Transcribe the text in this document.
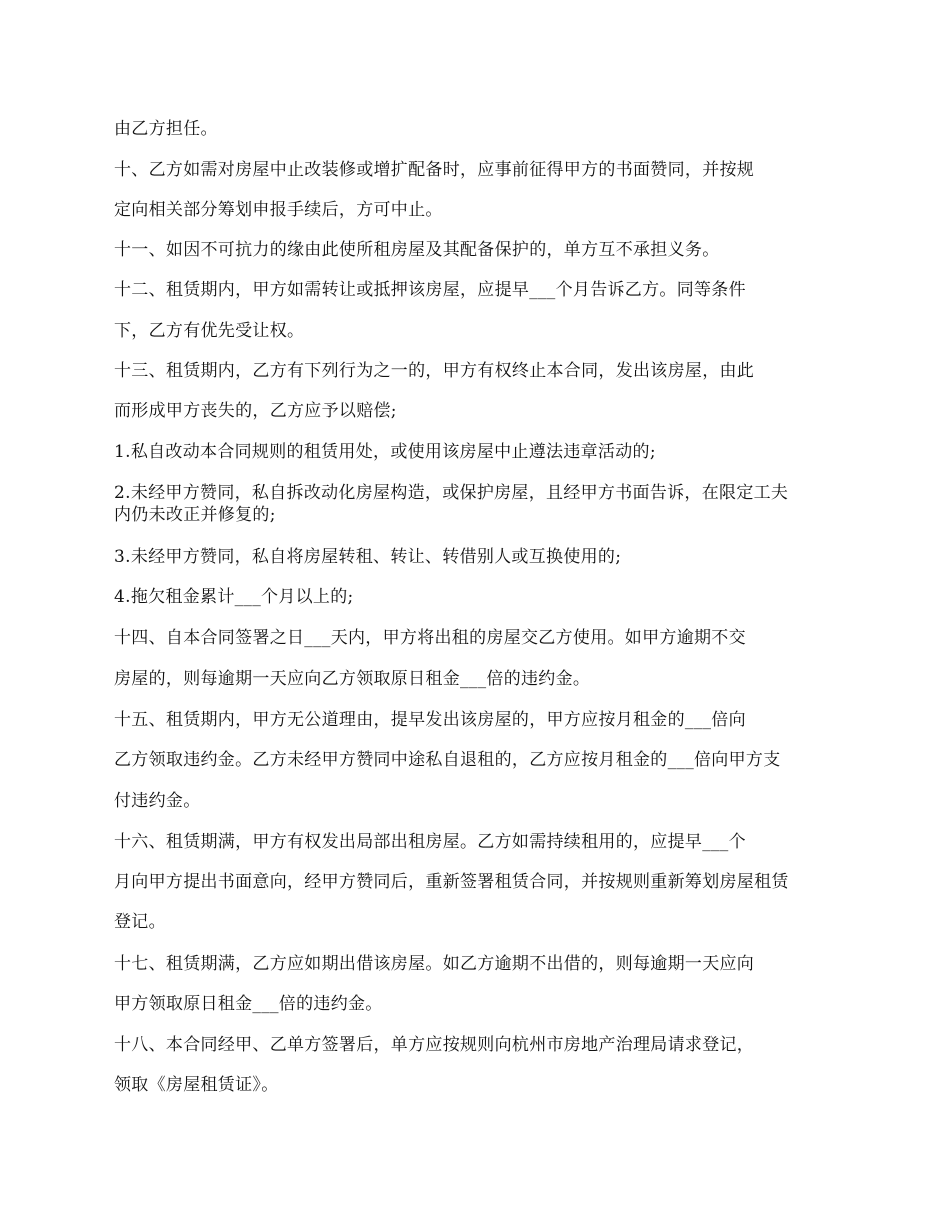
由乙方担任。
十、乙方如需对房屋中止改装修或增扩配备时，应事前征得甲方的书面赞同，并按规
定向相关部分筹划申报手续后，方可中止。
十一、如因不可抗力的缘由此使所租房屋及其配备保护的，单方互不承担义务。
十二、租赁期内，甲方如需转让或抵押该房屋，应提早___个月告诉乙方。同等条件
下，乙方有优先受让权。
十三、租赁期内，乙方有下列行为之一的，甲方有权终止本合同，发出该房屋，由此
而形成甲方丧失的，乙方应予以赔偿;
1.私自改动本合同规则的租赁用处，或使用该房屋中止遵法违章活动的;
2.未经甲方赞同，私自拆改动化房屋构造，或保护房屋，且经甲方书面告诉，在限定工夫
内仍未改正并修复的;
3.未经甲方赞同，私自将房屋转租、转让、转借别人或互换使用的;
4.拖欠租金累计___个月以上的;
十四、自本合同签署之日___天内，甲方将出租的房屋交乙方使用。如甲方逾期不交
房屋的，则每逾期一天应向乙方领取原日租金___倍的违约金。
十五、租赁期内，甲方无公道理由，提早发出该房屋的，甲方应按月租金的___倍向
乙方领取违约金。乙方未经甲方赞同中途私自退租的，乙方应按月租金的___倍向甲方支
付违约金。
十六、租赁期满，甲方有权发出局部出租房屋。乙方如需持续租用的，应提早___个
月向甲方提出书面意向，经甲方赞同后，重新签署租赁合同，并按规则重新筹划房屋租赁
登记。
十七、租赁期满，乙方应如期出借该房屋。如乙方逾期不出借的，则每逾期一天应向
甲方领取原日租金___倍的违约金。
十八、本合同经甲、乙单方签署后，单方应按规则向杭州市房地产治理局请求登记，
领取《房屋租赁证》。
